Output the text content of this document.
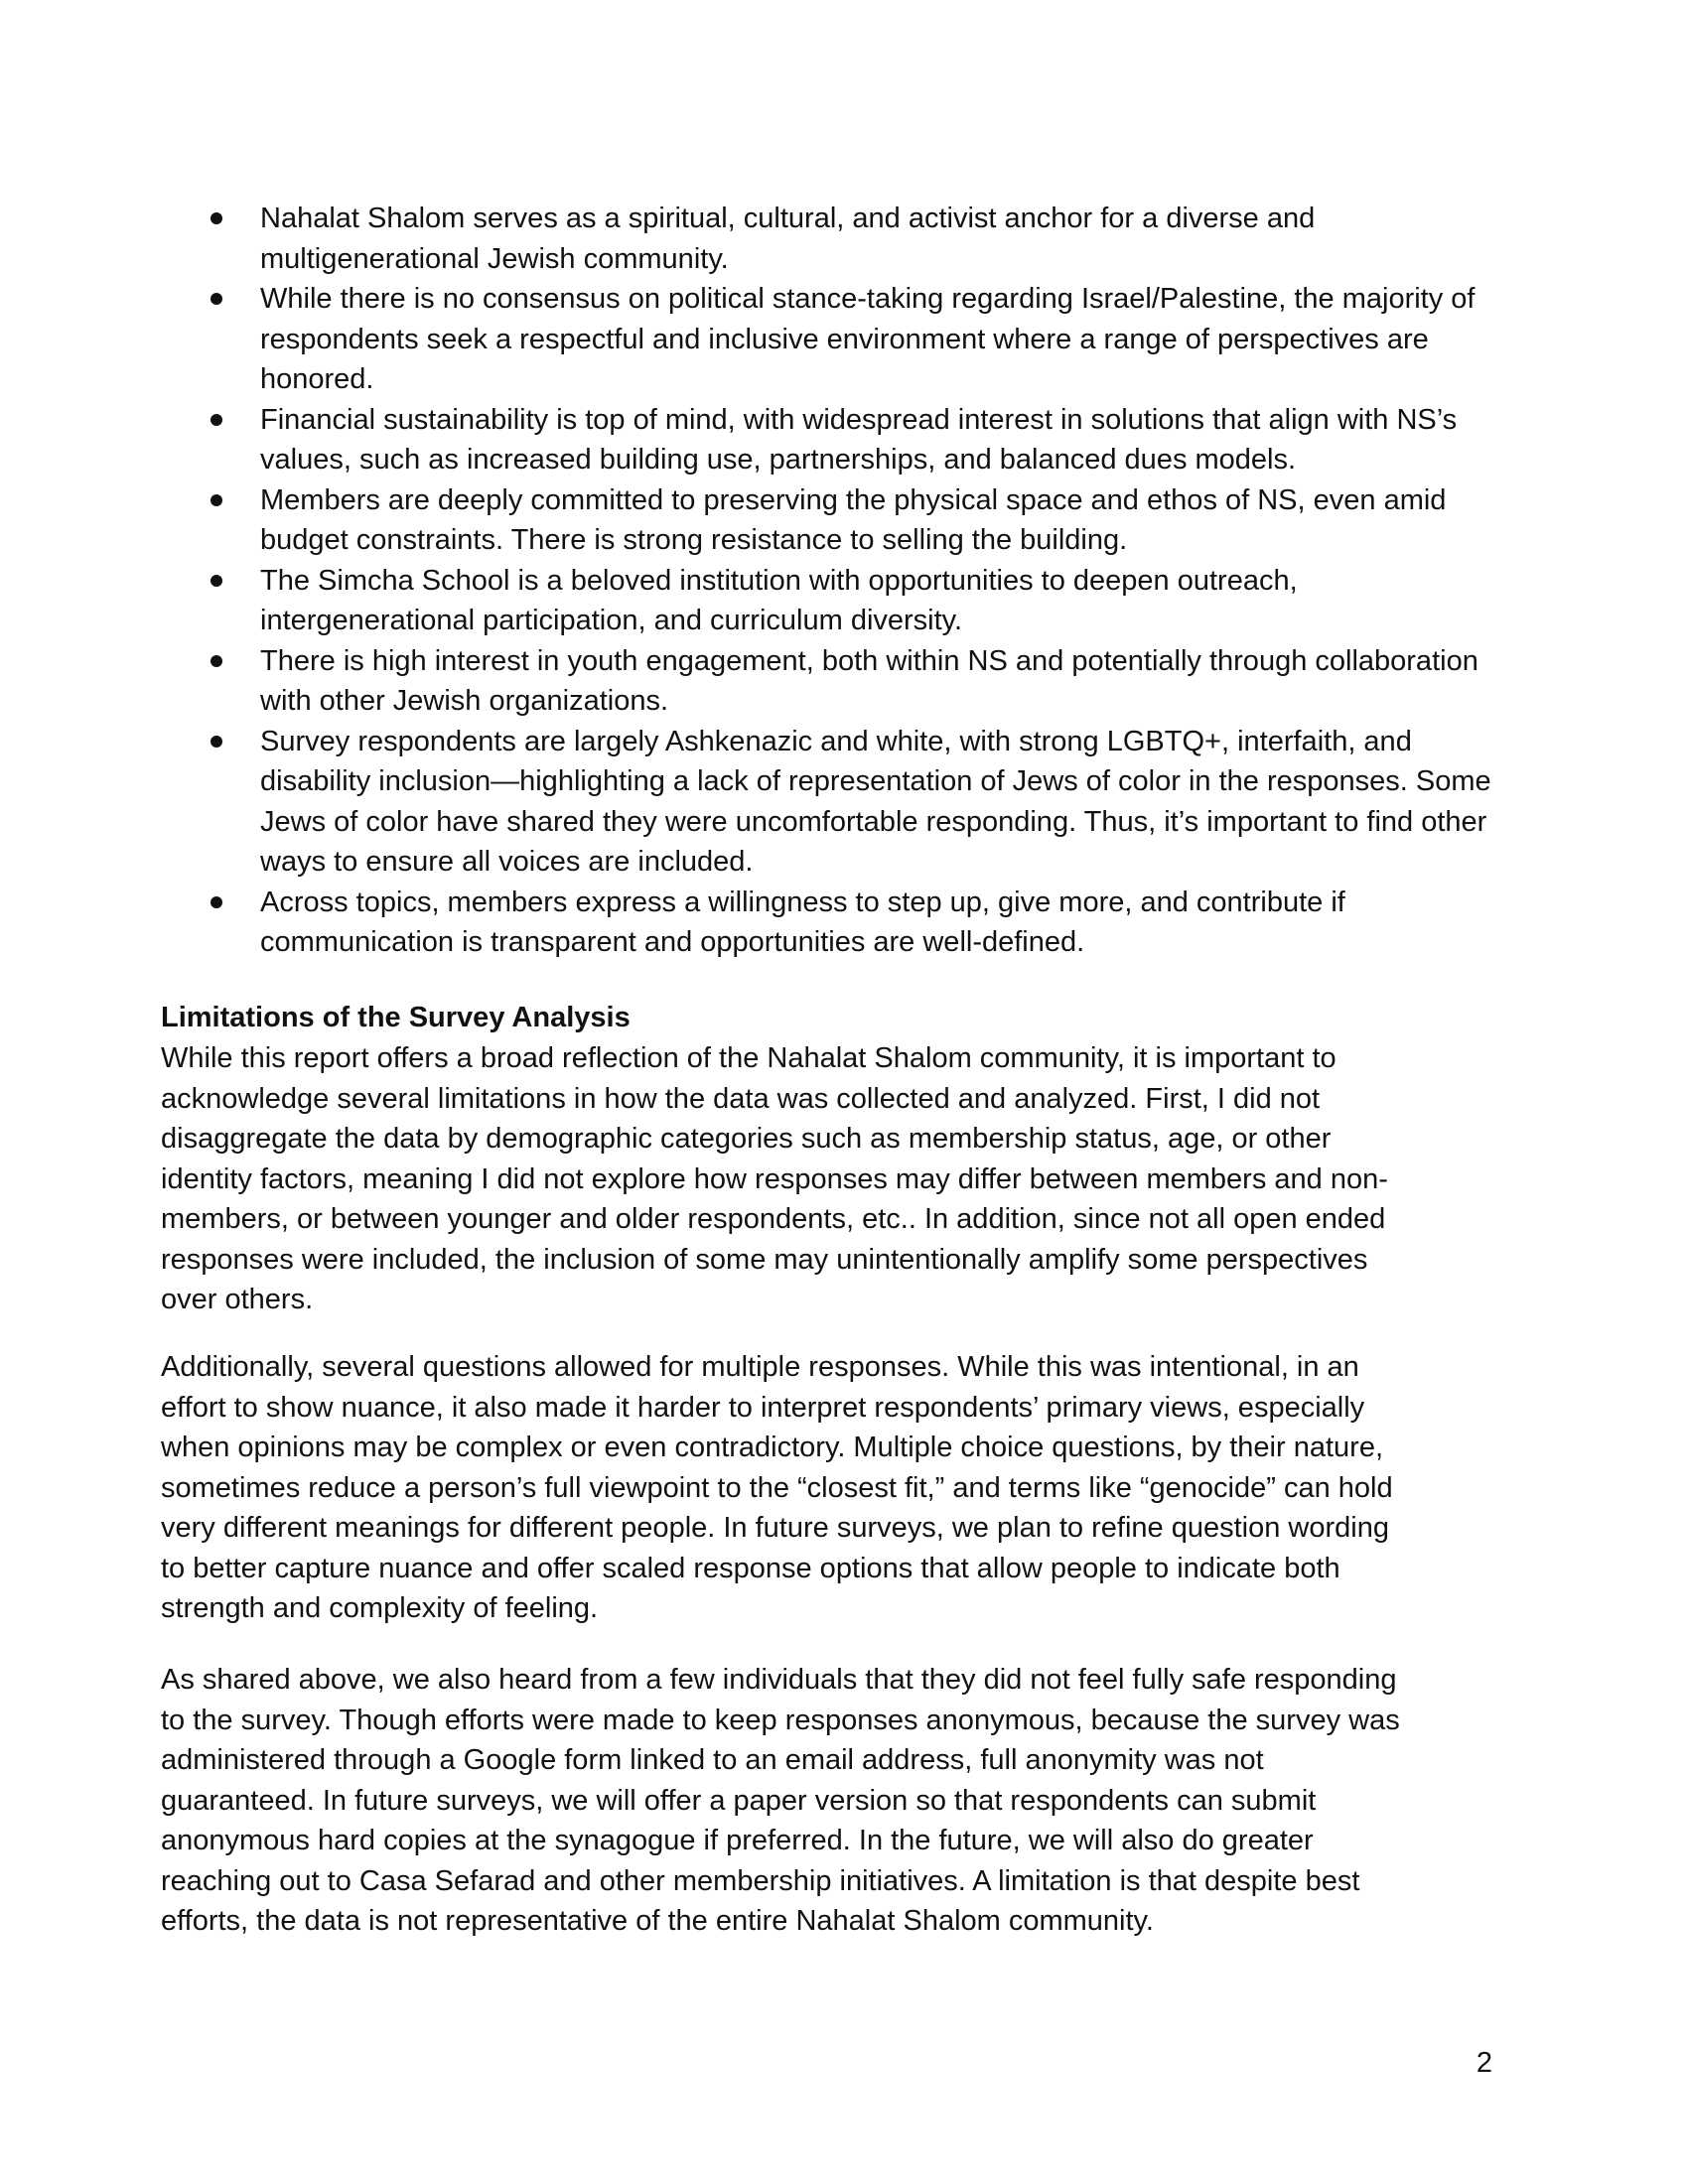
Nahalat Shalom serves as a spiritual, cultural, and activist anchor for a diverse and multigenerational Jewish community.
While there is no consensus on political stance-taking regarding Israel/Palestine, the majority of respondents seek a respectful and inclusive environment where a range of perspectives are honored.
Financial sustainability is top of mind, with widespread interest in solutions that align with NS’s values, such as increased building use, partnerships, and balanced dues models.
Members are deeply committed to preserving the physical space and ethos of NS, even amid budget constraints. There is strong resistance to selling the building.
The Simcha School is a beloved institution with opportunities to deepen outreach, intergenerational participation, and curriculum diversity.
There is high interest in youth engagement, both within NS and potentially through collaboration with other Jewish organizations.
Survey respondents are largely Ashkenazic and white, with strong LGBTQ+, interfaith, and disability inclusion—highlighting a lack of representation of Jews of color in the responses. Some Jews of color have shared they were uncomfortable responding. Thus, it’s important to find other ways to ensure all voices are included.
Across topics, members express a willingness to step up, give more, and contribute if communication is transparent and opportunities are well-defined.
Limitations of the Survey Analysis

While this report offers a broad reflection of the Nahalat Shalom community, it is important to acknowledge several limitations in how the data was collected and analyzed. First, I did not disaggregate the data by demographic categories such as membership status, age, or other identity factors, meaning I did not explore how responses may differ between members and non-members, or between younger and older respondents, etc.. In addition, since not all open ended responses were included, the inclusion of some may unintentionally amplify some perspectives over others.

Additionally, several questions allowed for multiple responses. While this was intentional, in an effort to show nuance, it also made it harder to interpret respondents’ primary views, especially when opinions may be complex or even contradictory. Multiple choice questions, by their nature, sometimes reduce a person’s full viewpoint to the “closest fit,” and terms like “genocide” can hold very different meanings for different people. In future surveys, we plan to refine question wording to better capture nuance and offer scaled response options that allow people to indicate both strength and complexity of feeling.

As shared above, we also heard from a few individuals that they did not feel fully safe responding to the survey. Though efforts were made to keep responses anonymous, because the survey was administered through a Google form linked to an email address, full anonymity was not guaranteed. In future surveys, we will offer a paper version so that respondents can submit anonymous hard copies at the synagogue if preferred. In the future, we will also do greater reaching out to Casa Sefarad and other membership initiatives. A limitation is that despite best efforts, the data is not representative of the entire Nahalat Shalom community.

2
